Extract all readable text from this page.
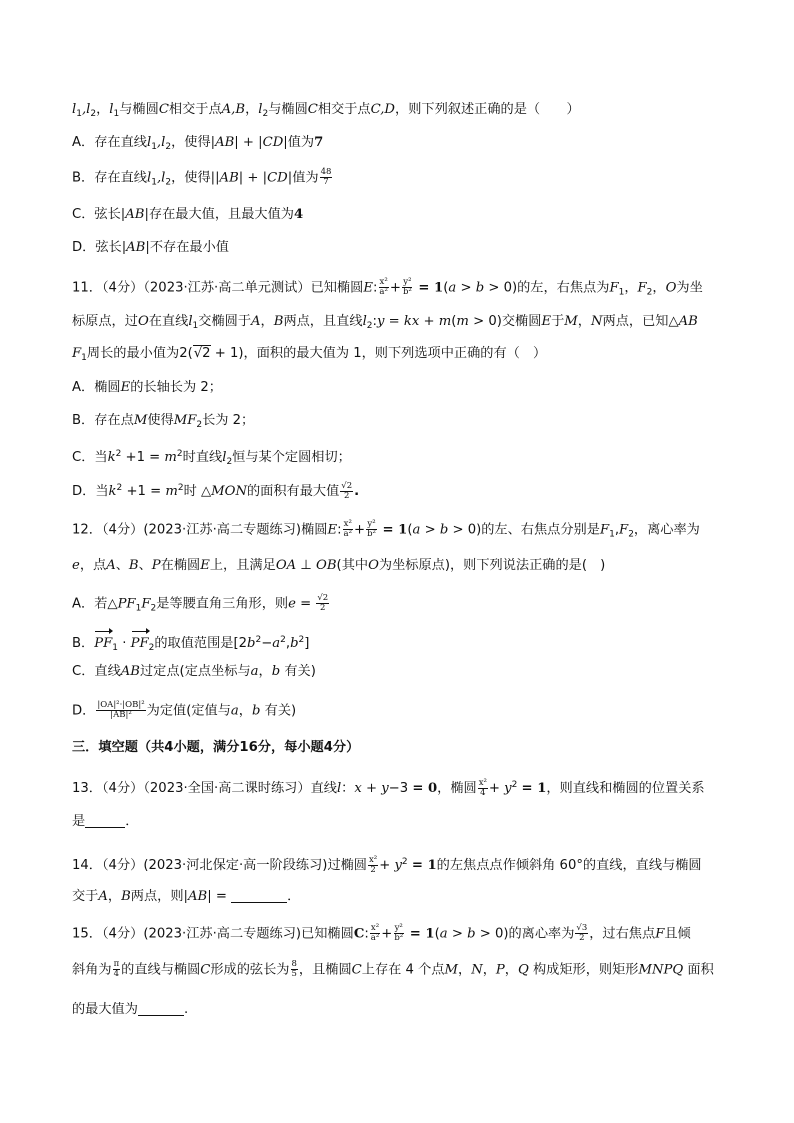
$l_1,l_2$，$l_1$与椭圆C相交于点A,B，$l_2$与椭圆C相交于点C,D，则下列叙述正确的是（　　）
A．存在直线$l_1,l_2$，使得|AB| + |CD|值为7
B．存在直线$l_1,l_2$，使得||AB| + |CD|值为 $\frac{48}{7}$
C．弦长|AB|存在最大值，且最大值为4
D．弦长|AB|不存在最小值
11．（4分）（2023·江苏·高二单元测试）已知椭圆E: $\frac{\text{x²}}{\text{a²}} + \frac{\text{y²}}{\text{b²}} = 1(a > b > 0)$的左，右焦点为$F_1$，$F_2$，O为坐
标原点，过O在直线$l_1$交椭圆于A，B两点，且直线$l_2:y$ = kx + m(m > 0)交椭圆E于M，N两点，已知△AB
$F_1$周长的最小值为2(√2 + 1)，面积的最大值为 1，则下列选项中正确的有（　）
A．椭圆E的长轴长为 2；
B．存在点M使得$MF_2$长为 2；
C．当$k^2 +1 = m^2$时直线$l_2$恒与某个定圆相切；
D．当$k^2 +1 = m^2$时 △MON的面积有最大值 $\frac{√2}{2}$ .
12．（4分）(2023·江苏·高二专题练习)椭圆E: $\frac{\text{x²}}{\text{a²}} + \frac{\text{y²}}{\text{b²}} = 1(a > b > 0)$的左、右焦点分别是$F_1,F_2$，离心率为
e，点A、B、P在椭圆E上，且满足OA ⊥ OB(其中O为坐标原点)，则下列说法正确的是(　)
A．若$\triangle PF_1F_2$是等腰直角三角形，则$e = \frac{√2}{2}$
B．$PF_1 \cdot PF_2$的取值范围是$[2b^2-a^2,b^2]$
C．直线AB过定点(定点坐标与a，b 有关)
D． $\frac{\text{|OA|²·|OB|²}}{\text{|AB|²}}$ 为定值(定值与a，b 有关)
三．填空题（共4小题，满分16分，每小题4分）
13．（4分）（2023·全国·高二课时练习）直线l：x + y−3 = 0，椭圆 $\frac{\text{x²}}{4} + y^2 = 1$，则直线和椭圆的位置关系
是	．
14．（4分）(2023·河北保定·高一阶段练习)过椭圆 $\frac{\text{x²}}{2} + y^2 = 1$的左焦点点作倾斜角 60°的直线，直线与椭圆
交于A，B两点，则|AB| =	．
15．（4分）(2023·江苏·高二专题练习)已知椭圆C: $\frac{\text{x²}}{\text{a²}} + \frac{\text{y²}}{\text{b²}} = 1(a > b > 0)$的离心率为 $\frac{√3}{2}$ ，过右焦点F且倾
斜角为 $\frac{\pi}{4}$ 的直线与椭圆C形成的弦长为 $\frac{8}{5}$ ，且椭圆C上存在 4 个点M，N，P，Q 构成矩形，则矩形MNPQ 面积
的最大值为	.
